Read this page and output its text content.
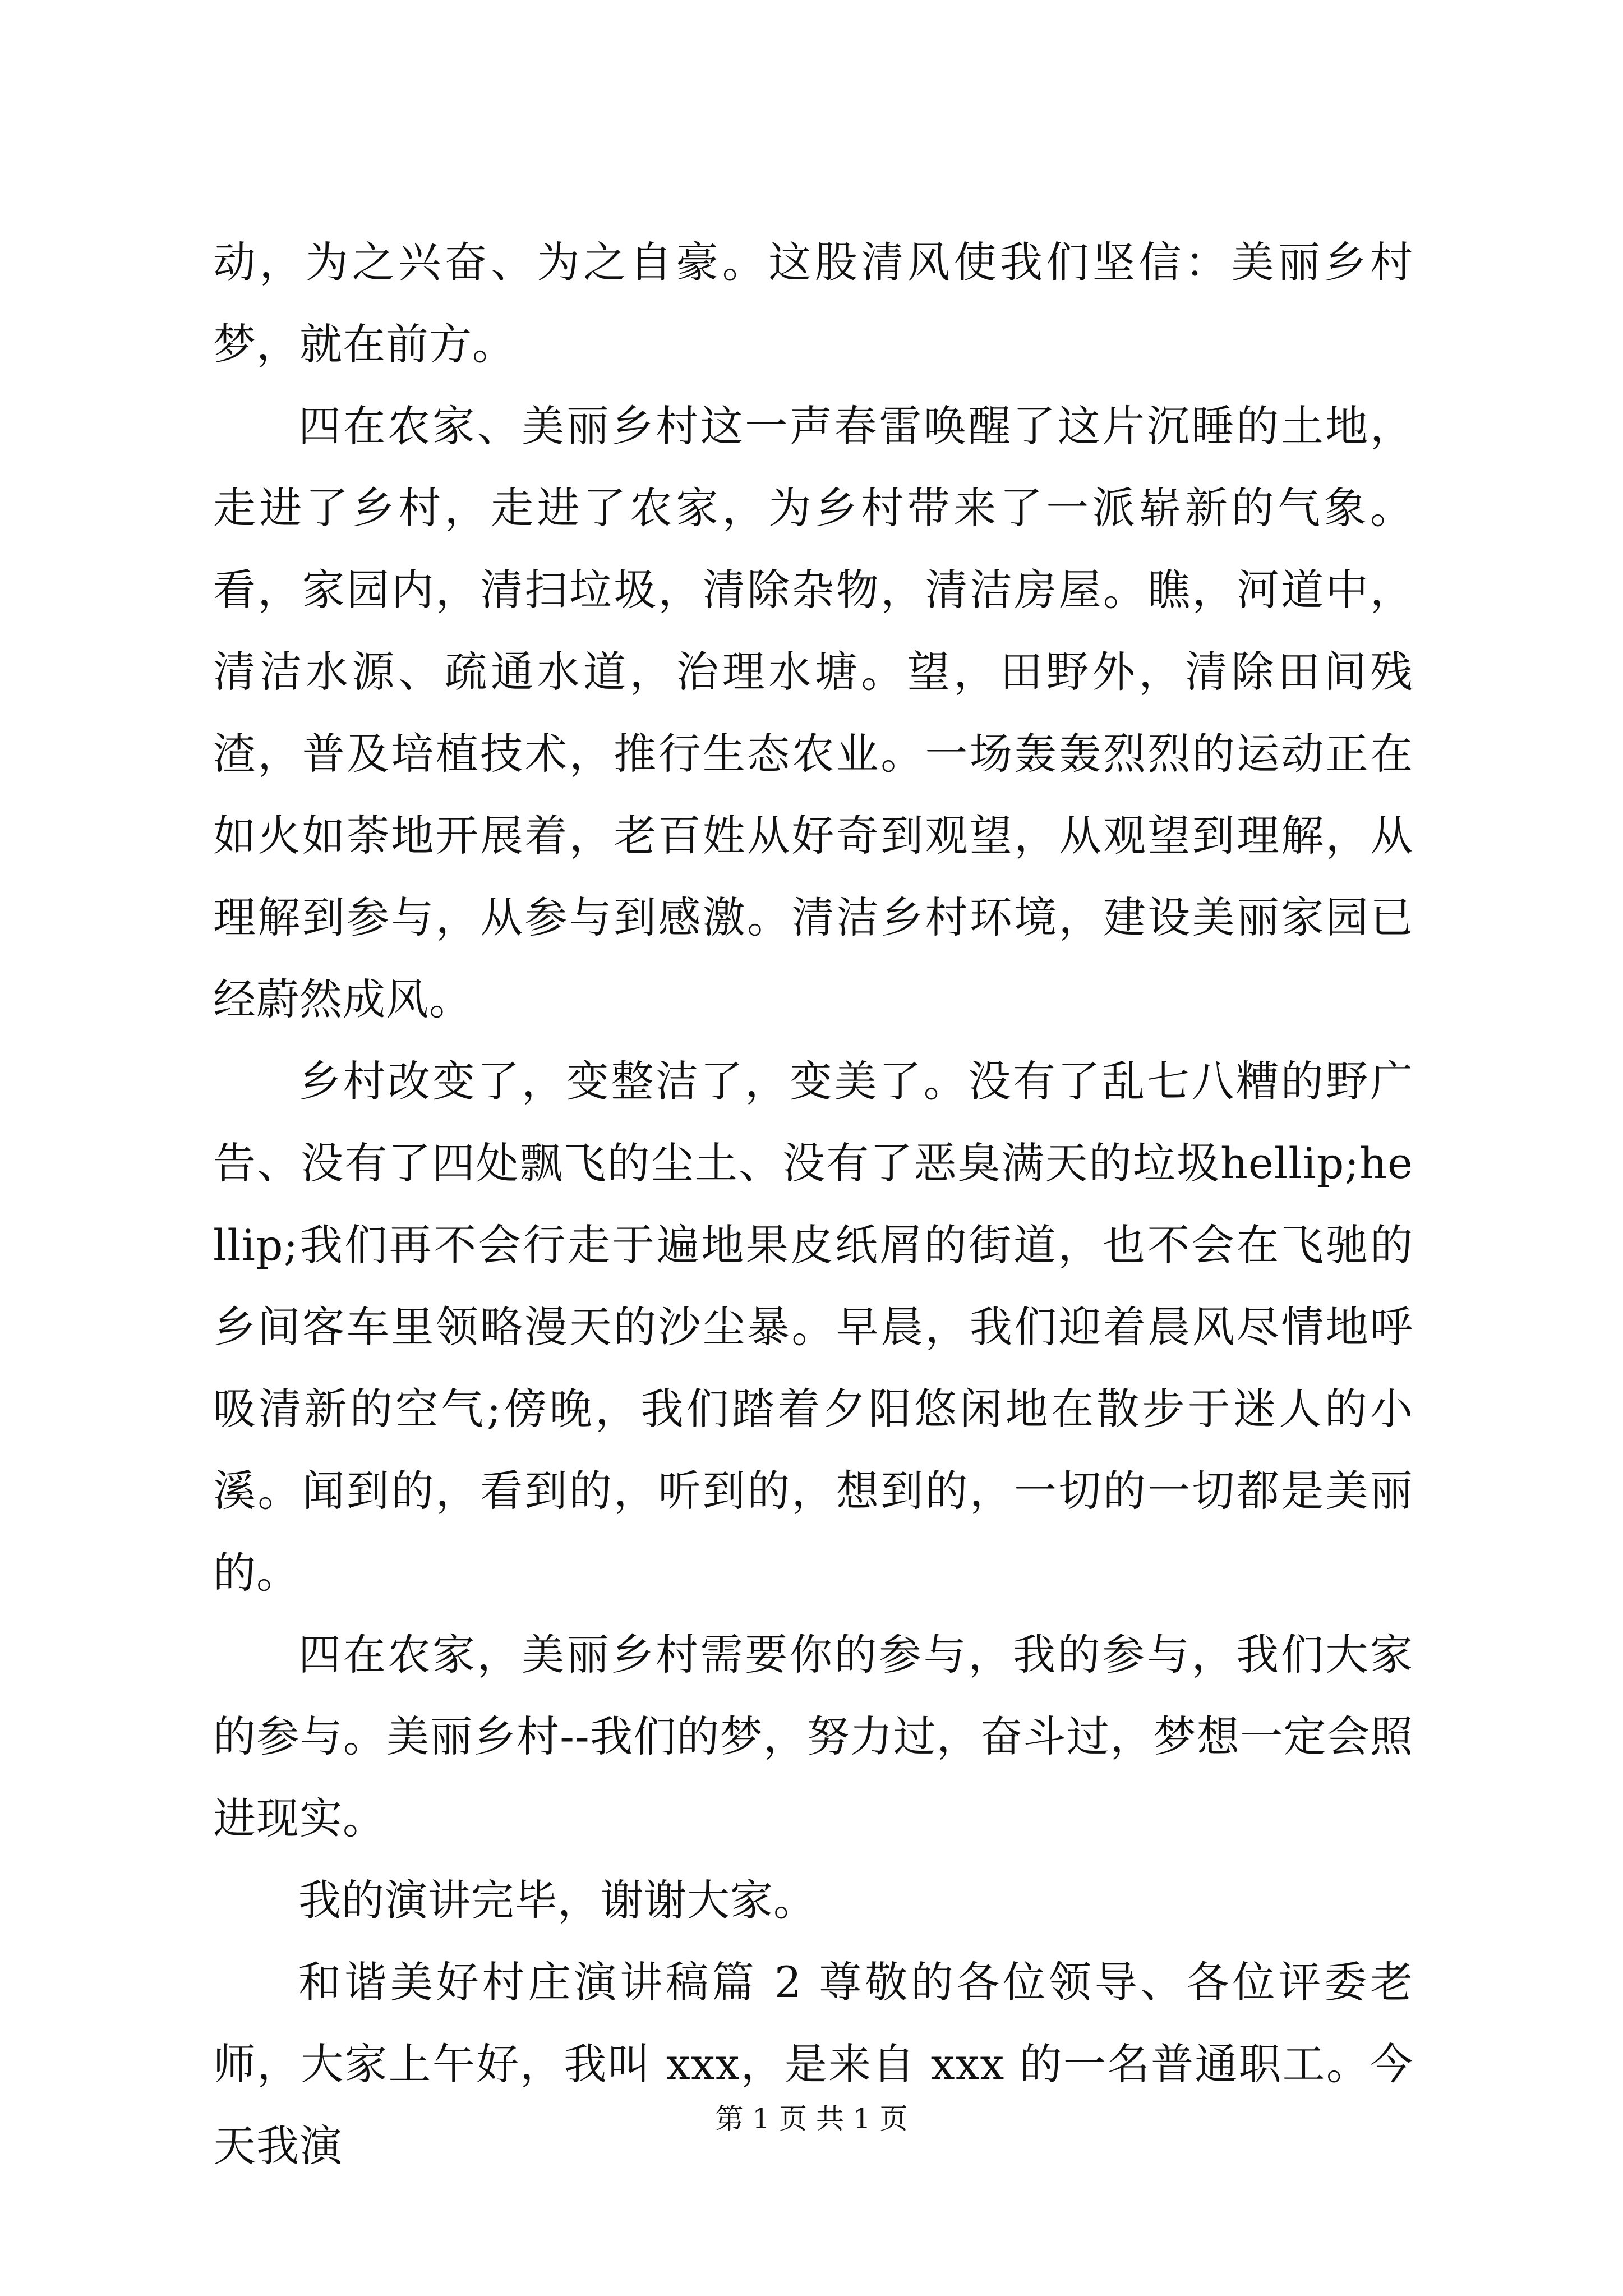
动，为之兴奋、为之自豪。这股清风使我们坚信：美丽乡村梦，就在前方。

四在农家、美丽乡村这一声春雷唤醒了这片沉睡的土地，走进了乡村，走进了农家，为乡村带来了一派崭新的气象。看，家园内，清扫垃圾，清除杂物，清洁房屋。瞧，河道中，清洁水源、疏通水道，治理水塘。望，田野外，清除田间残渣，普及培植技术，推行生态农业。一场轰轰烈烈的运动正在如火如荼地开展着，老百姓从好奇到观望，从观望到理解，从理解到参与，从参与到感激。清洁乡村环境，建设美丽家园已经蔚然成风。

乡村改变了，变整洁了，变美了。没有了乱七八糟的野广告、没有了四处飘飞的尘土、没有了恶臭满天的垃圾hellip;hellip;我们再不会行走于遍地果皮纸屑的街道，也不会在飞驰的乡间客车里领略漫天的沙尘暴。早晨，我们迎着晨风尽情地呼吸清新的空气;傍晚，我们踏着夕阳悠闲地在散步于迷人的小溪。闻到的，看到的，听到的，想到的，一切的一切都是美丽的。

四在农家，美丽乡村需要你的参与，我的参与，我们大家的参与。美丽乡村--我们的梦，努力过，奋斗过，梦想一定会照进现实。

我的演讲完毕，谢谢大家。

和谐美好村庄演讲稿篇 2 尊敬的各位领导、各位评委老师，大家上午好，我叫 xxx，是来自 xxx 的一名普通职工。今天我演

第 1 页 共 1 页
